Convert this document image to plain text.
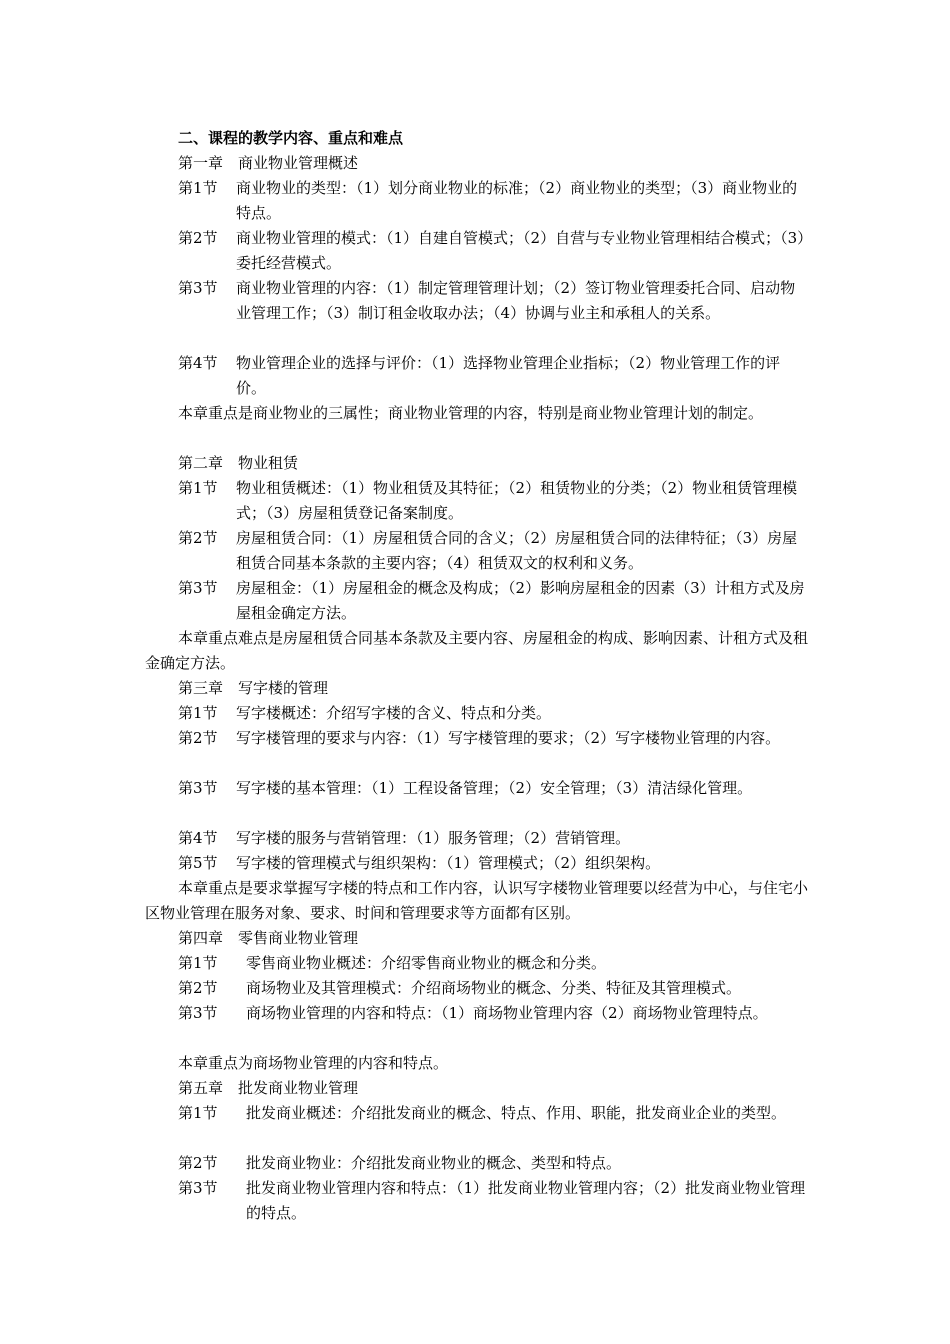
二、课程的教学内容、重点和难点
第一章　商业物业管理概述
第1节 商业物业的类型：（1）划分商业物业的标准；（2）商业物业的类型；（3）商业物业的特点。
第2节 商业物业管理的模式：（1）自建自管模式；（2）自营与专业物业管理相结合模式；（3）委托经营模式。
第3节 商业物业管理的内容：（1）制定管理管理计划；（2）签订物业管理委托合同、启动物业管理工作；（3）制订租金收取办法；（4）协调与业主和承租人的关系。
第4节 物业管理企业的选择与评价：（1）选择物业管理企业指标；（2）物业管理工作的评价。
本章重点是商业物业的三属性；商业物业管理的内容，特别是商业物业管理计划的制定。
第二章　物业租赁
第1节 物业租赁概述：（1）物业租赁及其特征；（2）租赁物业的分类；（2）物业租赁管理模式；（3）房屋租赁登记备案制度。
第2节 房屋租赁合同：（1）房屋租赁合同的含义；（2）房屋租赁合同的法律特征；（3）房屋租赁合同基本条款的主要内容；（4）租赁双文的权利和义务。
第3节 房屋租金：（1）房屋租金的概念及构成；（2）影响房屋租金的因素（3）计租方式及房屋租金确定方法。
本章重点难点是房屋租赁合同基本条款及主要内容、房屋租金的构成、影响因素、计租方式及租金确定方法。
第三章　写字楼的管理
第1节 写字楼概述：介绍写字楼的含义、特点和分类。
第2节 写字楼管理的要求与内容：（1）写字楼管理的要求；（2）写字楼物业管理的内容。
第3节 写字楼的基本管理：（1）工程设备管理；（2）安全管理；（3）清洁绿化管理。
第4节 写字楼的服务与营销管理：（1）服务管理；（2）营销管理。
第5节 写字楼的管理模式与组织架构：（1）管理模式；（2）组织架构。
本章重点是要求掌握写字楼的特点和工作内容，认识写字楼物业管理要以经营为中心，与住宅小区物业管理在服务对象、要求、时间和管理要求等方面都有区别。
第四章　零售商业物业管理
第1节 零售商业物业概述：介绍零售商业物业的概念和分类。
第2节 商场物业及其管理模式：介绍商场物业的概念、分类、特征及其管理模式。
第3节 商场物业管理的内容和特点：（1）商场物业管理内容（2）商场物业管理特点。
本章重点为商场物业管理的内容和特点。
第五章　批发商业物业管理
第1节 批发商业概述：介绍批发商业的概念、特点、作用、职能，批发商业企业的类型。
第2节 批发商业物业：介绍批发商业物业的概念、类型和特点。
第3节 批发商业物业管理内容和特点：（1）批发商业物业管理内容；（2）批发商业物业管理的特点。
